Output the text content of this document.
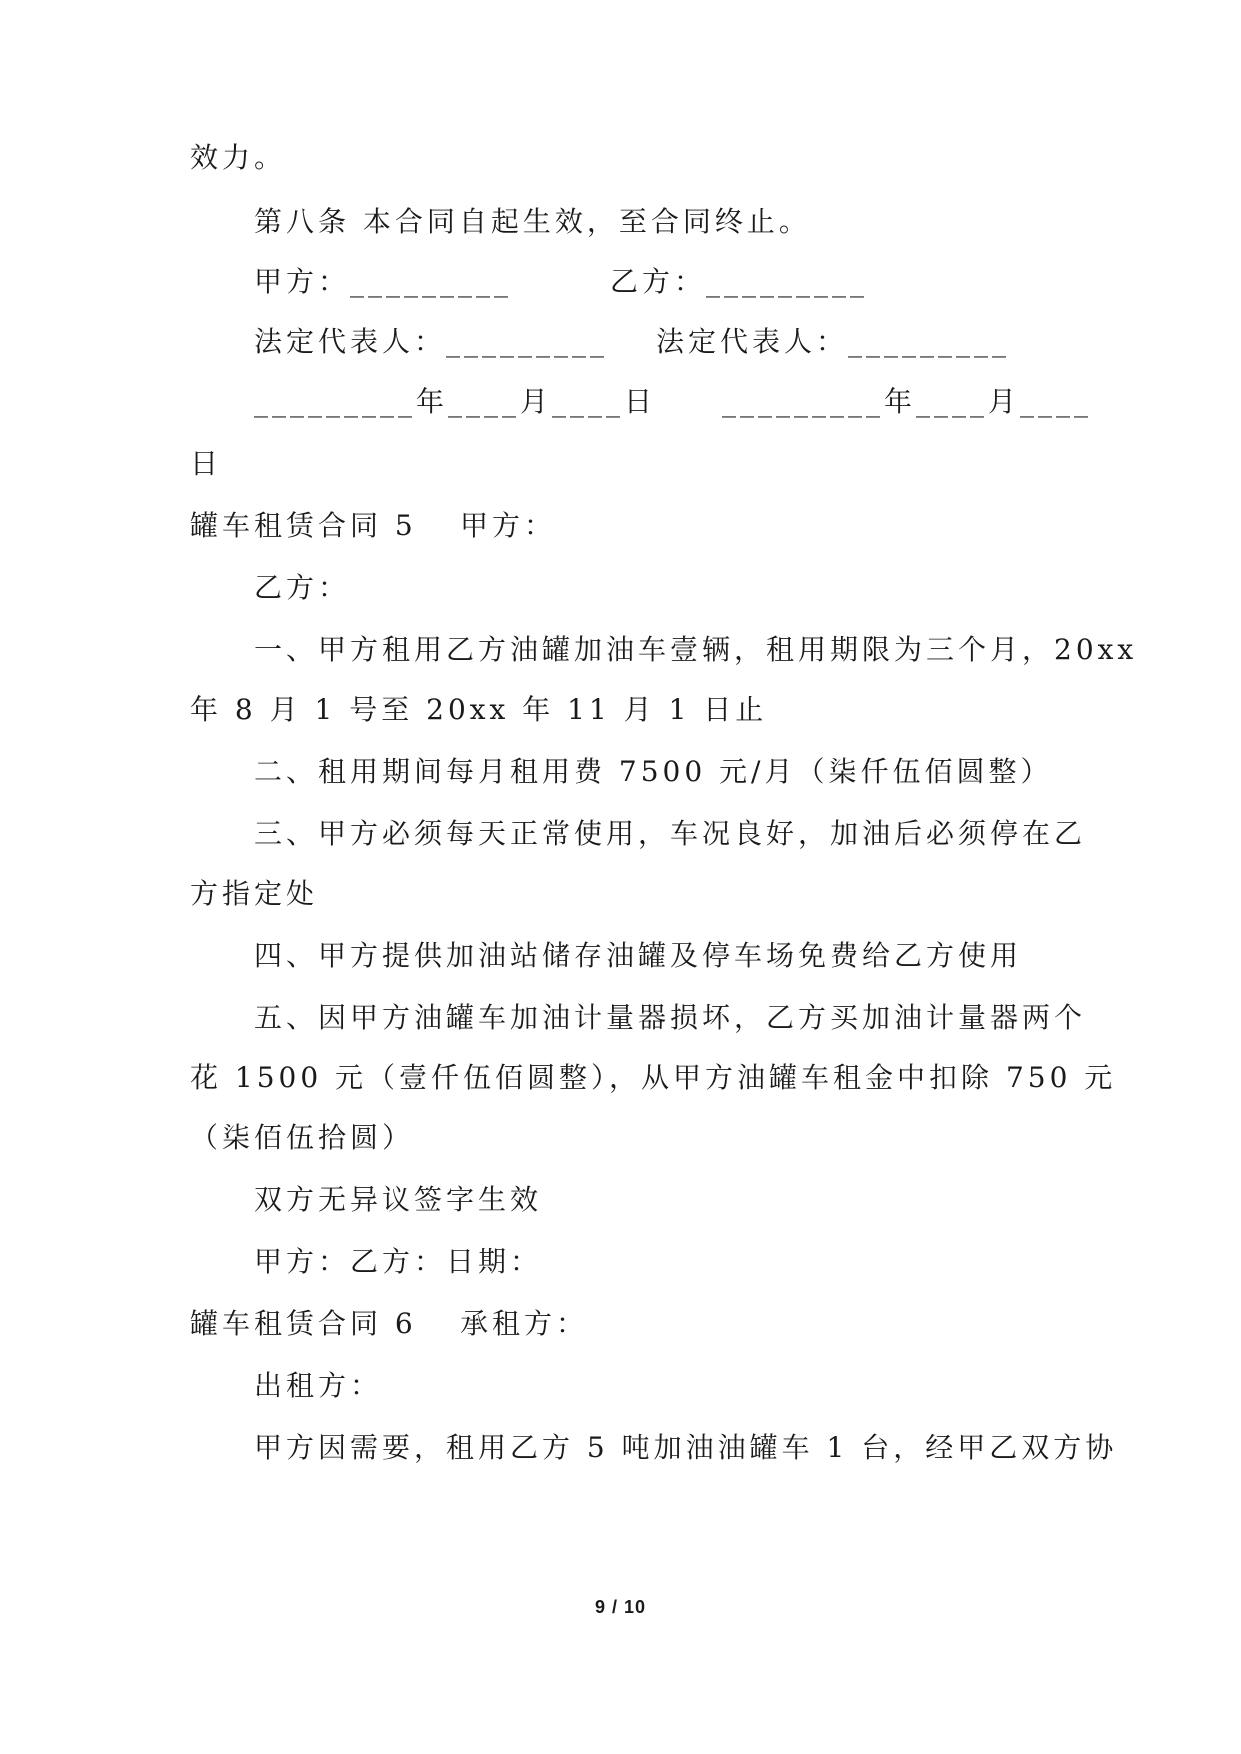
效力。
第八条 本合同自起生效，至合同终止。
甲方：_________	乙方：_________
法定代表人：_________ 法定代表人：_________
_________年____月____日 _________年____月____
日
罐车租赁合同 5 甲方：
乙方：
一、甲方租用乙方油罐加油车壹辆，租用期限为三个月，20xx
年 8 月 1 号至 20xx 年 11 月 1 日止
二、租用期间每月租用费 7500 元/月（柒仟伍佰圆整）
三、甲方必须每天正常使用，车况良好，加油后必须停在乙
方指定处
四、甲方提供加油站储存油罐及停车场免费给乙方使用
五、因甲方油罐车加油计量器损坏，乙方买加油计量器两个
花 1500 元（壹仟伍佰圆整），从甲方油罐车租金中扣除 750 元
（柒佰伍拾圆）
双方无异议签字生效
甲方：乙方：日期：
罐车租赁合同 6 承租方：
出租方：
甲方因需要，租用乙方 5 吨加油油罐车 1 台，经甲乙双方协
9 / 10
